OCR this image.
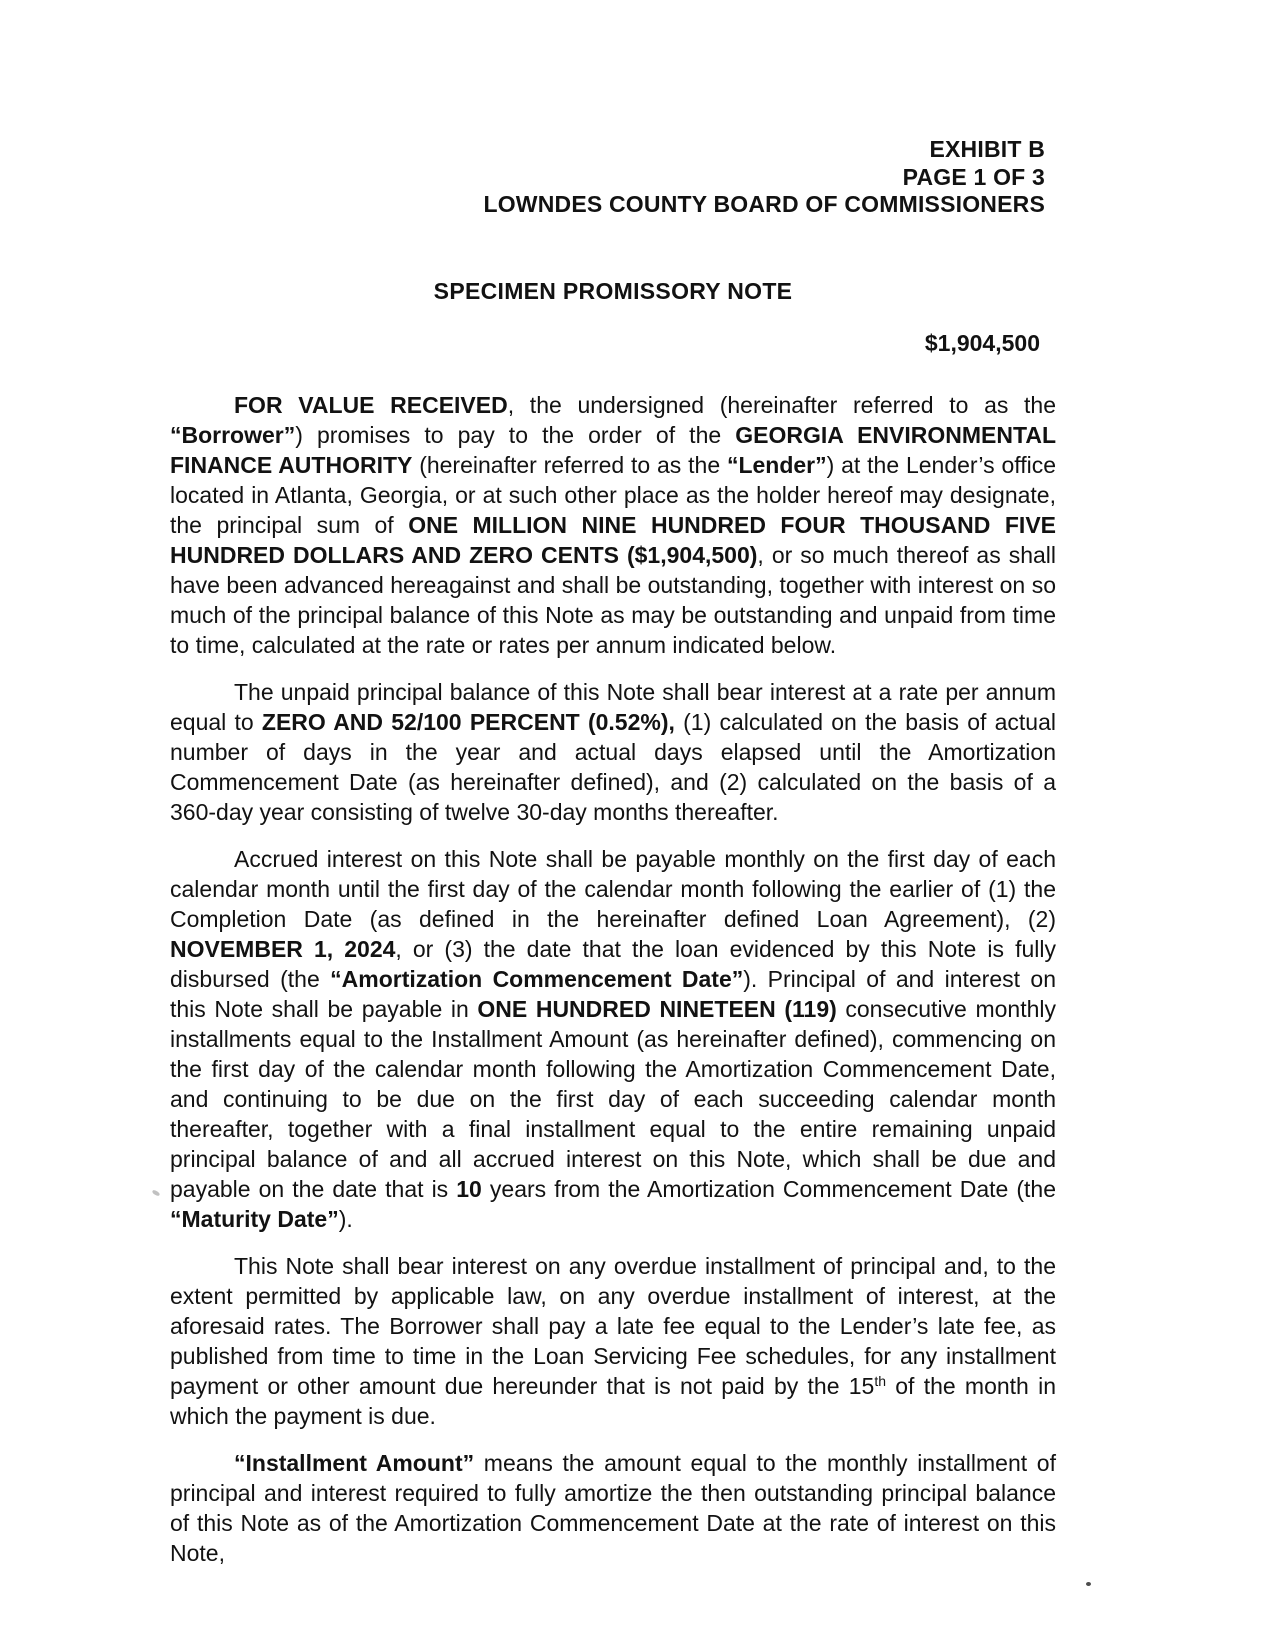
EXHIBIT B
PAGE 1 OF 3
LOWNDES COUNTY BOARD OF COMMISSIONERS
SPECIMEN PROMISSORY NOTE
$1,904,500

FOR VALUE RECEIVED, the undersigned (hereinafter referred to as the “Borrower”) promises to pay to the order of the GEORGIA ENVIRONMENTAL FINANCE AUTHORITY (hereinafter referred to as the “Lender”) at the Lender’s office located in Atlanta, Georgia, or at such other place as the holder hereof may designate, the principal sum of ONE MILLION NINE HUNDRED FOUR THOUSAND FIVE HUNDRED DOLLARS AND ZERO CENTS ($1,904,500), or so much thereof as shall have been advanced hereagainst and shall be outstanding, together with interest on so much of the principal balance of this Note as may be outstanding and unpaid from time to time, calculated at the rate or rates per annum indicated below.

The unpaid principal balance of this Note shall bear interest at a rate per annum equal to ZERO AND 52/100 PERCENT (0.52%), (1) calculated on the basis of actual number of days in the year and actual days elapsed until the Amortization Commencement Date (as hereinafter defined), and (2) calculated on the basis of a 360-day year consisting of twelve 30-day months thereafter.

Accrued interest on this Note shall be payable monthly on the first day of each calendar month until the first day of the calendar month following the earlier of (1) the Completion Date (as defined in the hereinafter defined Loan Agreement), (2) NOVEMBER 1, 2024, or (3) the date that the loan evidenced by this Note is fully disbursed (the “Amortization Commencement Date”). Principal of and interest on this Note shall be payable in ONE HUNDRED NINETEEN (119) consecutive monthly installments equal to the Installment Amount (as hereinafter defined), commencing on the first day of the calendar month following the Amortization Commencement Date, and continuing to be due on the first day of each succeeding calendar month thereafter, together with a final installment equal to the entire remaining unpaid principal balance of and all accrued interest on this Note, which shall be due and payable on the date that is 10 years from the Amortization Commencement Date (the “Maturity Date”).

This Note shall bear interest on any overdue installment of principal and, to the extent permitted by applicable law, on any overdue installment of interest, at the aforesaid rates. The Borrower shall pay a late fee equal to the Lender’s late fee, as published from time to time in the Loan Servicing Fee schedules, for any installment payment or other amount due hereunder that is not paid by the 15th of the month in which the payment is due.

“Installment Amount” means the amount equal to the monthly installment of principal and interest required to fully amortize the then outstanding principal balance of this Note as of the Amortization Commencement Date at the rate of interest on this Note,
